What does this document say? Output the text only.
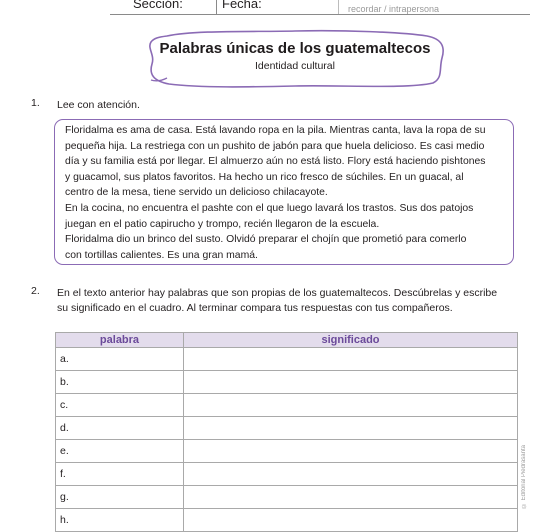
Sección:	Fecha:	recordar / intrapersona
Palabras únicas de los guatemaltecos
Identidad cultural
1. Lee con atención.

Floridalma es ama de casa. Está lavando ropa en la pila. Mientras canta, lava la ropa de su

pequeña hija. La restriega con un pushito de jabón para que huela delicioso. Es casi medio

día y su familia está por llegar. El almuerzo aún no está listo. Flory está haciendo pishtones

y guacamol, sus platos favoritos. Ha hecho un rico fresco de súchiles. En un guacal, al

centro de la mesa, tiene servido un delicioso chilacayote.

En la cocina, no encuentra el pashte con el que luego lavará los trastos. Sus dos patojos

juegan en el patio capirucho y trompo, recién llegaron de la escuela.

Floridalma dio un brinco del susto. Olvidó preparar el chojín que prometió para comerlo

con tortillas calientes. Es una gran mamá.

2. En el texto anterior hay palabras que son propias de los guatemaltecos. Descúbrelas y escribe
su significado en el cuadro. Al terminar compara tus respuestas con tus compañeros.
palabra	significado
a.	
b.	
c.	
d.	
e.	
f.	
g.	
h.	
© Editorial Piedrasanta
